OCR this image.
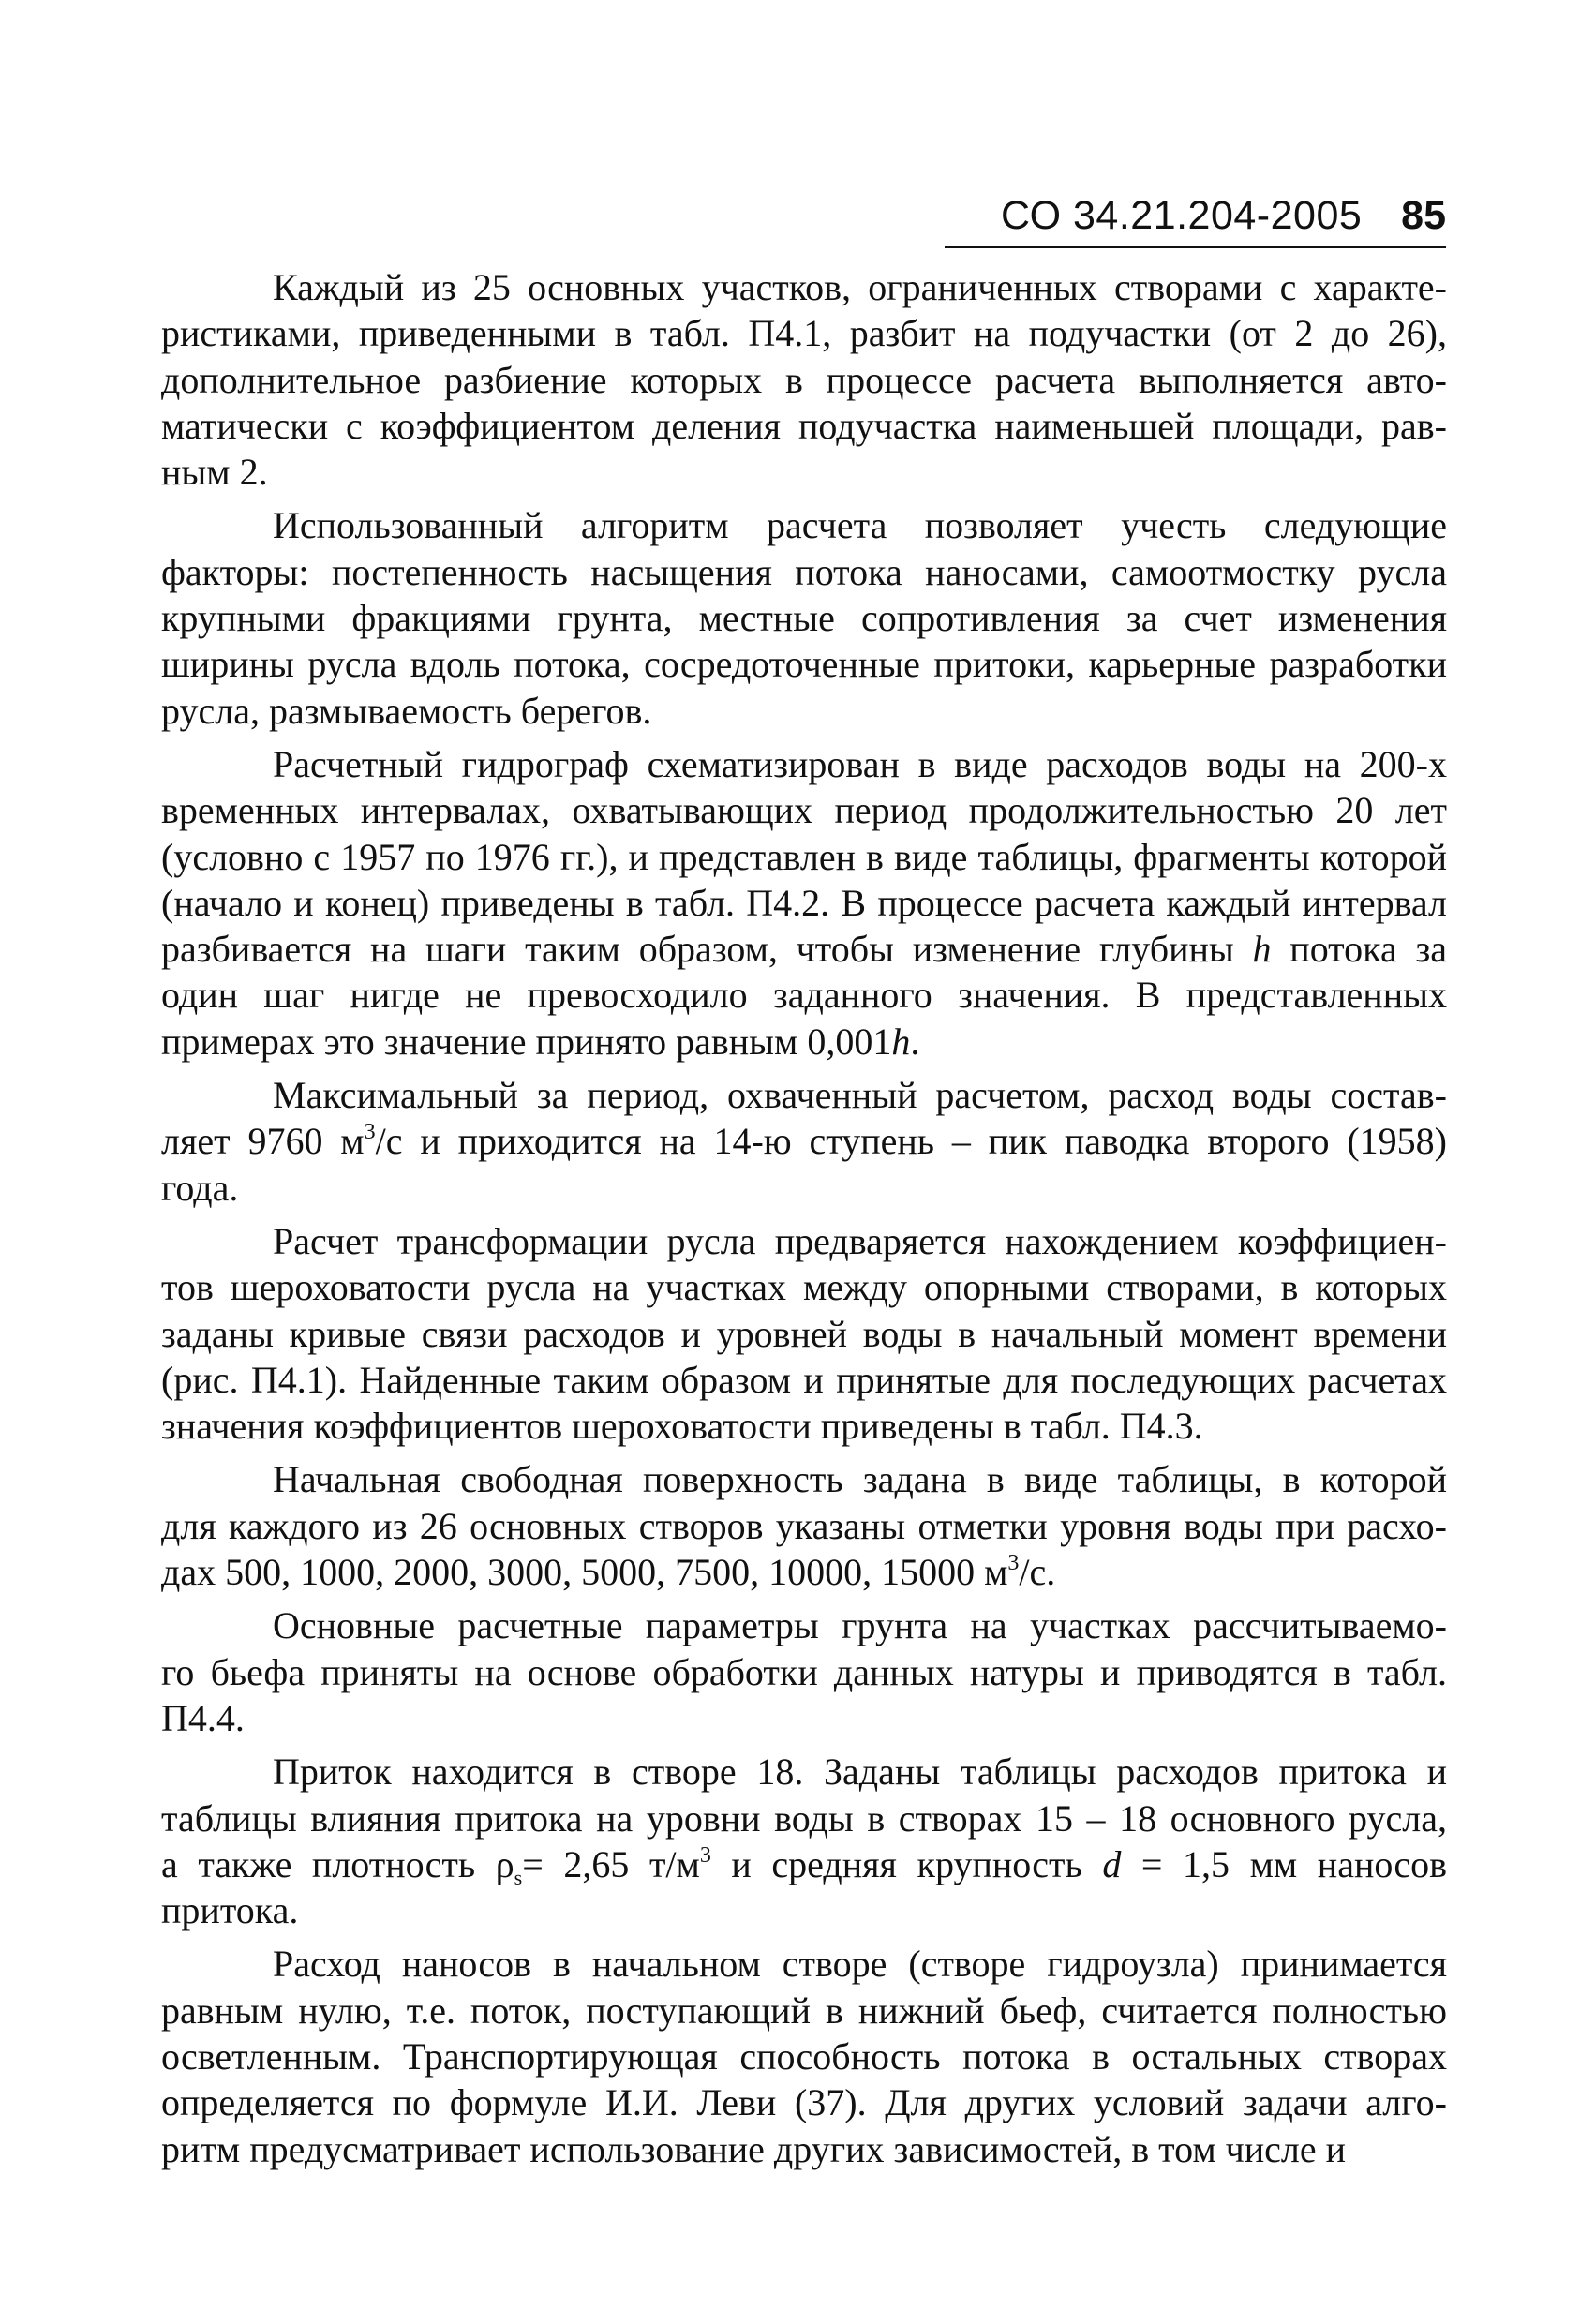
СО 34.21.204-2005 85
Каждый из 25 основных участков, ограниченных створами с характе-
ристиками, приведенными в табл. П4.1, разбит на подучастки (от 2 до 26),
дополнительное разбиение которых в процессе расчета выполняется авто-
матически с коэффициентом деления подучастка наименьшей площади, рав-
ным 2.
Использованный алгоритм расчета позволяет учесть следующие
факторы: постепенность насыщения потока наносами, самоотмостку русла
крупными фракциями грунта, местные сопротивления за счет изменения
ширины русла вдоль потока, сосредоточенные притоки, карьерные разработки
русла, размываемость берегов.
Расчетный гидрограф схематизирован в виде расходов воды на 200-х
временных интервалах, охватывающих период продолжительностью 20 лет
(условно с 1957 по 1976 гг.), и представлен в виде таблицы, фрагменты которой
(начало и конец) приведены в табл. П4.2. В процессе расчета каждый интервал
разбивается на шаги таким образом, чтобы изменение глубины h потока за
один шаг нигде не превосходило заданного значения. В представленных
примерах это значение принято равным 0,001h.
Максимальный за период, охваченный расчетом, расход воды состав-
ляет 9760 $м^3/с$ и приходится на 14-ю ступень – пик паводка второго (1958)
года.
Расчет трансформации русла предваряется нахождением коэффициен-
тов шероховатости русла на участках между опорными створами, в которых
заданы кривые связи расходов и уровней воды в начальный момент времени
(рис. П4.1). Найденные таким образом и принятые для последующих расчетах
значения коэффициентов шероховатости приведены в табл. П4.3.
Начальная свободная поверхность задана в виде таблицы, в которой
для каждого из 26 основных створов указаны отметки уровня воды при расхо-
дах 500, 1000, 2000, 3000, 5000, 7500, 10000, 15000 $м^3/с$.
Основные расчетные параметры грунта на участках рассчитываемо-
го бьефа приняты на основе обработки данных натуры и приводятся в табл.
П4.4.
Приток находится в створе 18. Заданы таблицы расходов притока и
таблицы влияния притока на уровни воды в створах 15 – 18 основного русла,
а также плотность $\rho_s= 2,65$ $т/м^3$ и средняя крупность d = 1,5 мм наносов
притока.
Расход наносов в начальном створе (створе гидроузла) принимается
равным нулю, т.е. поток, поступающий в нижний бьеф, считается полностью
осветленным. Транспортирующая способность потока в остальных створах
определяется по формуле И.И. Леви (37). Для других условий задачи алго-
ритм предусматривает использование других зависимостей, в том числе и
